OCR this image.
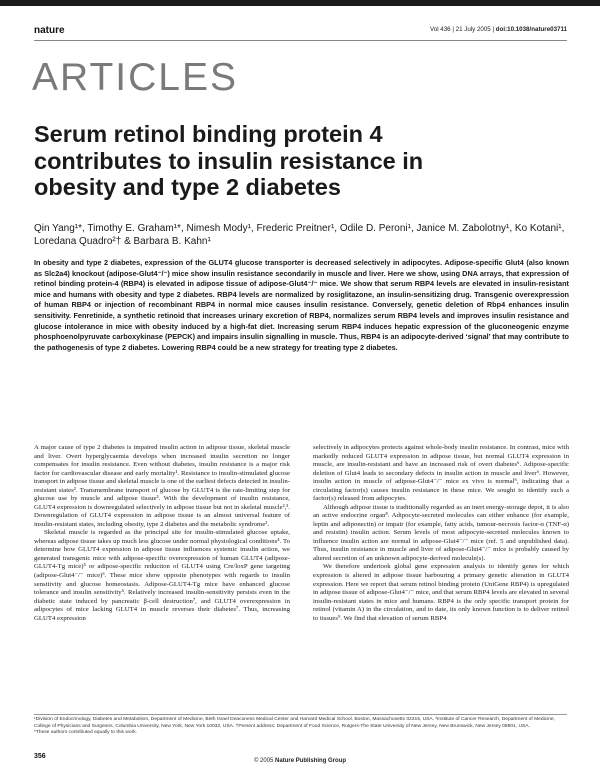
nature	Vol 436 | 21 July 2005 | doi:10.1038/nature03711
ARTICLES
Serum retinol binding protein 4
contributes to insulin resistance in
obesity and type 2 diabetes
Qin Yang¹*, Timothy E. Graham¹*, Nimesh Mody¹, Frederic Preitner¹, Odile D. Peroni¹, Janice M. Zabolotny¹, Ko Kotani¹, Loredana Quadro²† & Barbara B. Kahn¹
In obesity and type 2 diabetes, expression of the GLUT4 glucose transporter is decreased selectively in adipocytes. Adipose-specific Glut4 (also known as Slc2a4) knockout (adipose-Glut4⁻/⁻) mice show insulin resistance secondarily in muscle and liver. Here we show, using DNA arrays, that expression of retinol binding protein-4 (RBP4) is elevated in adipose tissue of adipose-Glut4⁻/⁻ mice. We show that serum RBP4 levels are elevated in insulin-resistant mice and humans with obesity and type 2 diabetes. RBP4 levels are normalized by rosiglitazone, an insulin-sensitizing drug. Transgenic overexpression of human RBP4 or injection of recombinant RBP4 in normal mice causes insulin resistance. Conversely, genetic deletion of Rbp4 enhances insulin sensitivity. Fenretinide, a synthetic retinoid that increases urinary excretion of RBP4, normalizes serum RBP4 levels and improves insulin resistance and glucose intolerance in mice with obesity induced by a high-fat diet. Increasing serum RBP4 induces hepatic expression of the gluconeogenic enzyme phosphoenolpyruvate carboxykinase (PEPCK) and impairs insulin signalling in muscle. Thus, RBP4 is an adipocyte-derived ‘signal’ that may contribute to the pathogenesis of type 2 diabetes. Lowering RBP4 could be a new strategy for treating type 2 diabetes.

A major cause of type 2 diabetes is impaired insulin action in adipose tissue, skeletal muscle and liver. Overt hyperglycaemia develops when increased insulin secretion no longer compensates for insulin resistance. Even without diabetes, insulin resistance is a major risk factor for cardiovascular disease and early mortality¹. Resistance to insulin-stimulated glucose transport in adipose tissue and skeletal muscle is one of the earliest defects detected in insulin-resistant states². Transmembrane transport of glucose by GLUT4 is the rate-limiting step for glucose use by muscle and adipose tissue³. With the development of insulin resistance, GLUT4 expression is downregulated selectively in adipose tissue but not in skeletal muscle²,³. Downregulation of GLUT4 expression in adipose tissue is an almost universal feature of insulin-resistant states, including obesity, type 2 diabetes and the metabolic syndrome².

Skeletal muscle is regarded as the principal site for insulin-stimulated glucose uptake, whereas adipose tissue takes up much less glucose under normal physiological conditions⁴. To determine how GLUT4 expression in adipose tissue influences systemic insulin action, we generated transgenic mice with adipose-specific overexpression of human GLUT4 (adipose-GLUT4-Tg mice)⁵ or adipose-specific reduction of GLUT4 using Cre/loxP gene targeting (adipose-Glut4⁻/⁻ mice)⁶. These mice show opposite phenotypes with regards to insulin sensitivity and glucose homeostasis. Adipose-GLUT4-Tg mice have enhanced glucose tolerance and insulin sensitivity⁵. Relatively increased insulin-sensitivity persists even in the diabetic state induced by pancreatic β-cell destruction⁷, and GLUT4 overexpression in adipocytes of mice lacking GLUT4 in muscle reverses their diabetes⁷. Thus, increasing GLUT4 expression

selectively in adipocytes protects against whole-body insulin resistance. In contrast, mice with markedly reduced GLUT4 expression in adipose tissue, but normal GLUT4 expression in muscle, are insulin-resistant and have an increased risk of overt diabetes⁶. Adipose-specific deletion of Glut4 leads to secondary defects in insulin action in muscle and liver⁶. However, insulin action in muscle of adipose-Glut4⁻/⁻ mice ex vivo is normal⁶, indicating that a circulating factor(s) causes insulin resistance in these mice. We sought to identify such a factor(s) released from adipocytes.

Although adipose tissue is traditionally regarded as an inert energy-storage depot, it is also an active endocrine organ⁸. Adipocyte-secreted molecules can either enhance (for example, leptin and adiponectin) or impair (for example, fatty acids, tumour-necrosis factor-α (TNF-α) and resistin) insulin action. Serum levels of most adipocyte-secreted molecules known to influence insulin action are normal in adipose-Glut4⁻/⁻ mice (ref. 5 and unpublished data). Thus, insulin resistance in muscle and liver of adipose-Glut4⁻/⁻ mice is probably caused by altered secretion of an unknown adipocyte-derived molecule(s).

We therefore undertook global gene expression analysis to identify genes for which expression is altered in adipose tissue harbouring a primary genetic alteration in GLUT4 expression. Here we report that serum retinol binding protein (UniGene RBP4) is upregulated in adipose tissue of adipose-Glut4⁻/⁻ mice, and that serum RBP4 levels are elevated in several insulin-resistant states in mice and humans. RBP4 is the only specific transport protein for retinol (vitamin A) in the circulation, and to date, its only known function is to deliver retinol to tissues⁹. We find that elevation of serum RBP4

¹Division of Endocrinology, Diabetes and Metabolism, Department of Medicine, Beth Israel Deaconess Medical Center and Harvard Medical School, Boston, Massachusetts 02215, USA. ²Institute of Cancer Research, Department of Medicine, College of Physicians and Surgeons, Columbia University, New York, New York 10032, USA. †Present address: Department of Food Science, Rutgers-The State University of New Jersey, New Brunswick, New Jersey 08901, USA.
*These authors contributed equally to this work.
356
© 2005 Nature Publishing Group
